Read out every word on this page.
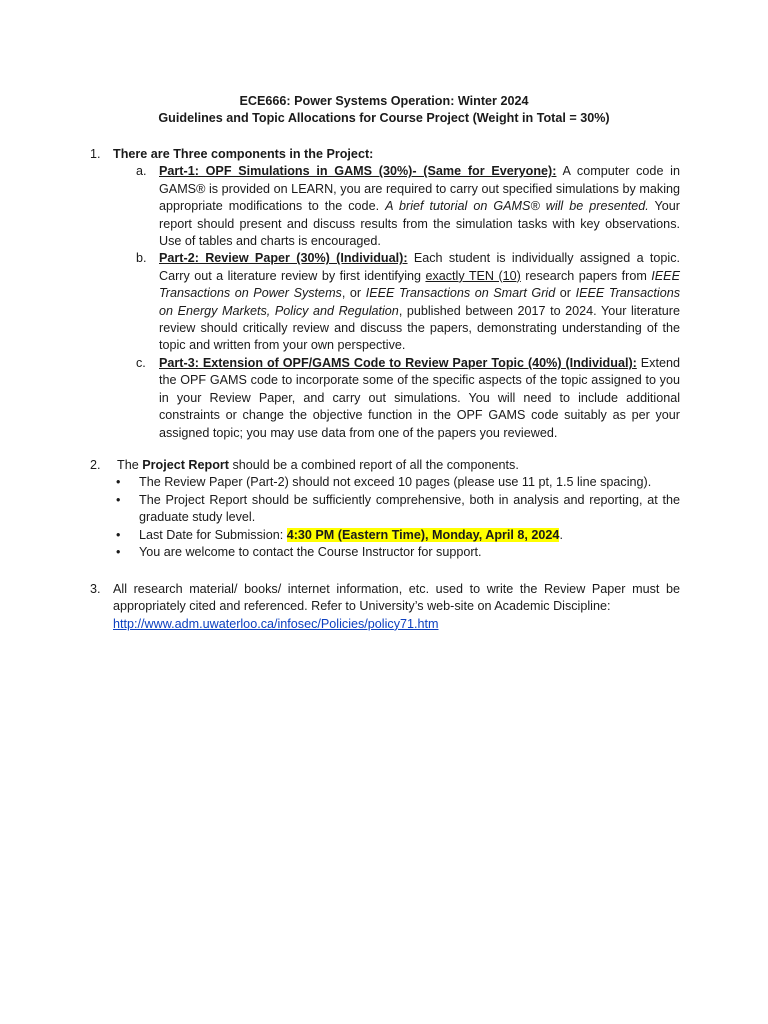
ECE666: Power Systems Operation: Winter 2024
Guidelines and Topic Allocations for Course Project (Weight in Total = 30%)
1. There are Three components in the Project:
a. Part-1: OPF Simulations in GAMS (30%)- (Same for Everyone): A computer code in GAMS® is provided on LEARN, you are required to carry out specified simulations by making appropriate modifications to the code. A brief tutorial on GAMS® will be presented. Your report should present and discuss results from the simulation tasks with key observations. Use of tables and charts is encouraged.
b. Part-2: Review Paper (30%) (Individual): Each student is individually assigned a topic. Carry out a literature review by first identifying exactly TEN (10) research papers from IEEE Transactions on Power Systems, or IEEE Transactions on Smart Grid or IEEE Transactions on Energy Markets, Policy and Regulation, published between 2017 to 2024. Your literature review should critically review and discuss the papers, demonstrating understanding of the topic and written from your own perspective.
c. Part-3: Extension of OPF/GAMS Code to Review Paper Topic (40%) (Individual): Extend the OPF GAMS code to incorporate some of the specific aspects of the topic assigned to you in your Review Paper, and carry out simulations. You will need to include additional constraints or change the objective function in the OPF GAMS code suitably as per your assigned topic; you may use data from one of the papers you reviewed.
2. The Project Report should be a combined report of all the components.
• The Review Paper (Part-2) should not exceed 10 pages (please use 11 pt, 1.5 line spacing).
• The Project Report should be sufficiently comprehensive, both in analysis and reporting, at the graduate study level.
• Last Date for Submission: 4:30 PM (Eastern Time), Monday, April 8, 2024.
• You are welcome to contact the Course Instructor for support.
3. All research material/ books/ internet information, etc. used to write the Review Paper must be appropriately cited and referenced. Refer to University’s web-site on Academic Discipline:
http://www.adm.uwaterloo.ca/infosec/Policies/policy71.htm
